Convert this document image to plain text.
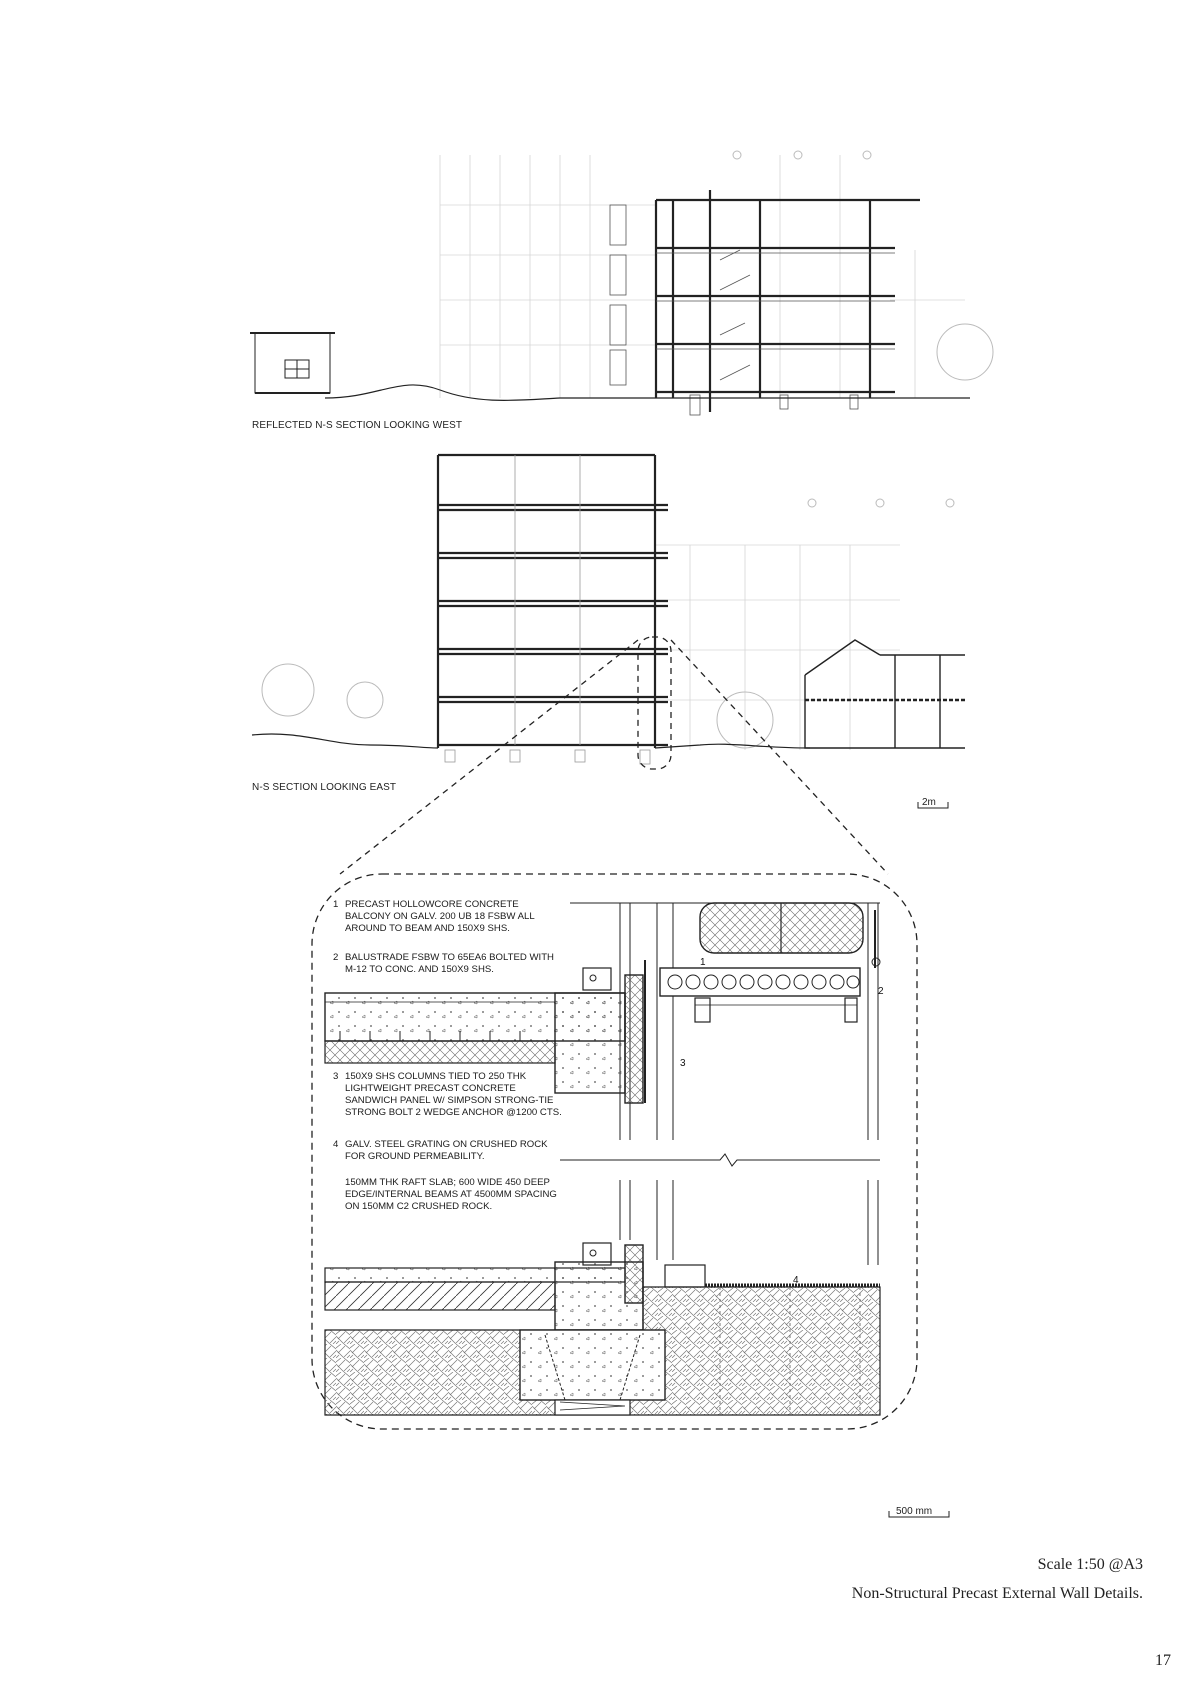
1
2
3
4
2m
500 mm
REFLECTED N-S SECTION LOOKING WEST
N-S SECTION LOOKING EAST
1 PRECAST HOLLOWCORE CONCRETE BALCONY ON GALV. 200 UB 18 FSBW ALL AROUND TO BEAM AND 150X9 SHS.
2 BALUSTRADE FSBW TO 65EA6 BOLTED WITH M-12 TO CONC. AND 150X9 SHS.
3 150X9 SHS COLUMNS TIED TO 250 THK LIGHTWEIGHT PRECAST CONCRETE SANDWICH PANEL W/ SIMPSON STRONG-TIE STRONG BOLT 2 WEDGE ANCHOR @1200 CTS.
4 GALV. STEEL GRATING ON CRUSHED ROCK FOR GROUND PERMEABILITY.
150MM THK RAFT SLAB; 600 WIDE 450 DEEP EDGE/INTERNAL BEAMS AT 4500MM SPACING ON 150MM C2 CRUSHED ROCK.
Scale 1:50 @A3
Non-Structural Precast External Wall Details.
17
